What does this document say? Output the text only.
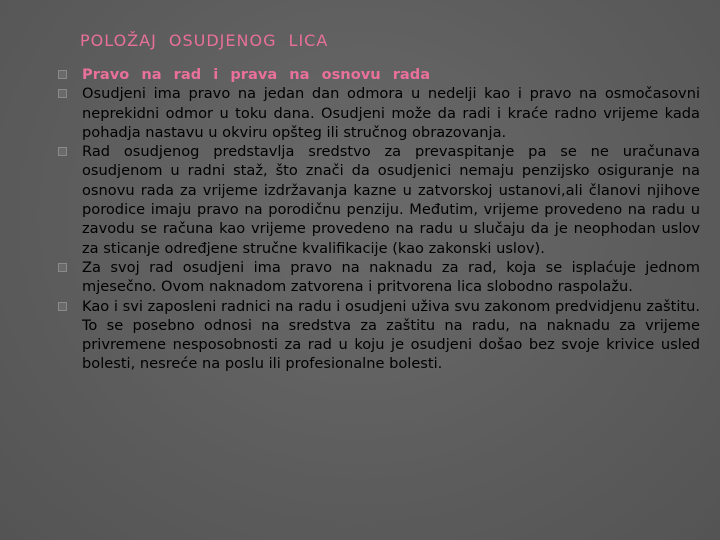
POLOŽAJ OSUDJENOG LICA

Pravo na rad i prava na osnovu rada

Osudjeni ima pravo na jedan dan odmora u nedelji kao i pravo na osmočasovni neprekidni odmor u toku dana. Osudjeni može da radi i kraće radno vrijeme kada pohadja nastavu u okviru opšteg ili stručnog obrazovanja.

Rad osudjenog predstavlja sredstvo za prevaspitanje pa se ne uračunava osudjenom u radni staž, što znači da osudjenici nemaju penzijsko osiguranje na osnovu rada za vrijeme izdržavanja kazne u zatvorskoj ustanovi,ali članovi njihove porodice imaju pravo na porodičnu penziju. Međutim, vrijeme provedeno na radu u zavodu se računa kao vrijeme provedeno na radu u slučaju da je neophodan uslov za sticanje određjene stručne kvalifikacije (kao zakonski uslov).

Za svoj rad osudjeni ima pravo na naknadu za rad, koja se isplaćuje jednom mjesečno. Ovom naknadom zatvorena i pritvorena lica slobodno raspolažu.

Kao i svi zaposleni radnici na radu i osudjeni uživa svu zakonom predvidjenu zaštitu. To se posebno odnosi na sredstva za zaštitu na radu, na naknadu za vrijeme privremene nesposobnosti za rad u koju je osudjeni došao bez svoje krivice usled bolesti, nesreće na poslu ili profesionalne bolesti.
